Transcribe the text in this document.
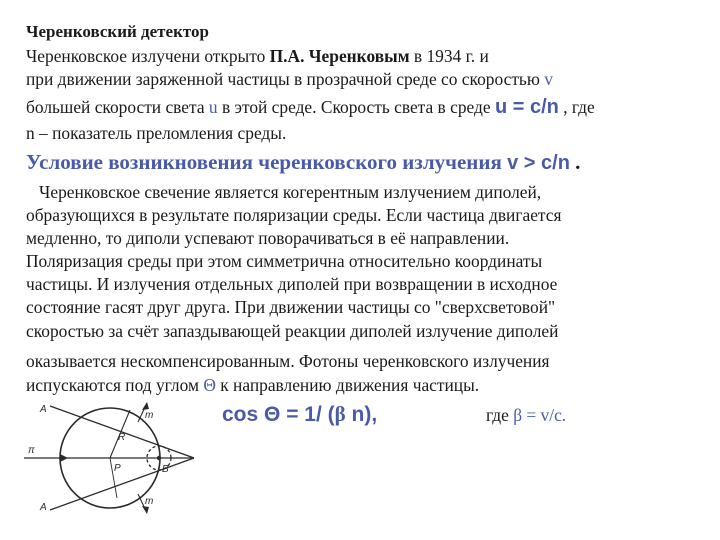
Черенковский детектор
Черенковское излучени открыто П.А. Черенковым в 1934 г. и
при движении заряженной частицы в прозрачной среде со скоростью v
большей скорости света u в этой среде. Скорость света в среде u = c/n , где
n – показатель преломления среды.
Условие возникновения черенковского излучения v > c/n .
Черенковское свечение является когерентным излучением диполей,
образующихся в результате поляризации среды. Если частица двигается
медленно, то диполи успевают поворачиваться в её направлении.
Поляризация среды при этом симметрична относительно координаты
частицы. И излучения отдельных диполей при возвращении в исходное
состояние гасят друг друга. При движении частицы со "сверхсветовой"
скоростью за счёт запаздывающей реакции диполей излучение диполей
оказывается нескомпенсированным. Фотоны черенковского излучения
испускаются под углом Θ к направлению движения частицы.
A
A
m
m
R
P	B
π
cos Θ = 1/ (β n),	где β = v/c.
